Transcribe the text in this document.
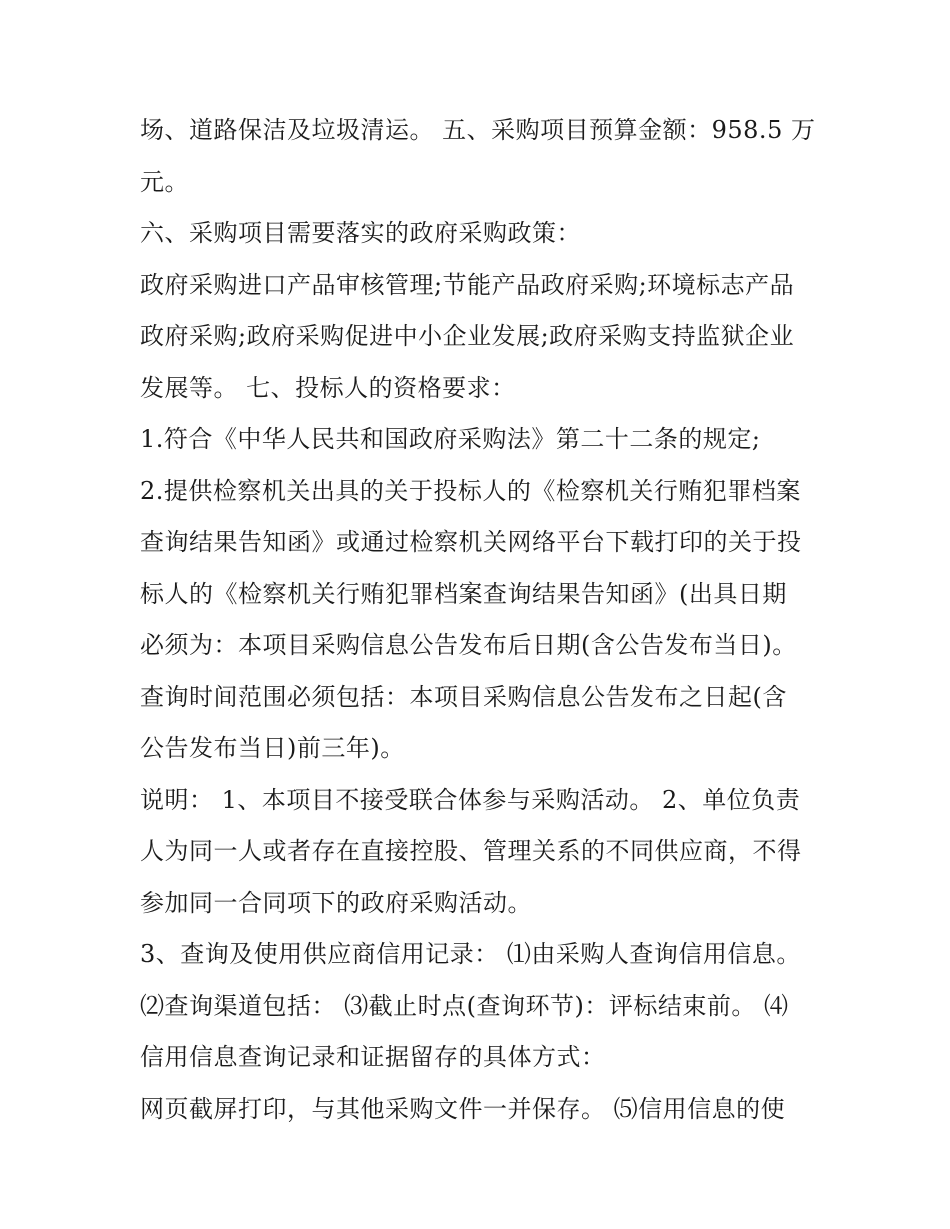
场、道路保洁及垃圾清运。 五、采购项目预算金额：958.5 万
元。
六、采购项目需要落实的政府采购政策：
政府采购进口产品审核管理;节能产品政府采购;环境标志产品
政府采购;政府采购促进中小企业发展;政府采购支持监狱企业
发展等。 七、投标人的资格要求：
1.符合《中华人民共和国政府采购法》第二十二条的规定;
2.提供检察机关出具的关于投标人的《检察机关行贿犯罪档案
查询结果告知函》或通过检察机关网络平台下载打印的关于投
标人的《检察机关行贿犯罪档案查询结果告知函》(出具日期
必须为：本项目采购信息公告发布后日期(含公告发布当日)。
查询时间范围必须包括：本项目采购信息公告发布之日起(含
公告发布当日)前三年)。
说明： 1、本项目不接受联合体参与采购活动。 2、单位负责
人为同一人或者存在直接控股、管理关系的不同供应商，不得
参加同一合同项下的政府采购活动。
3、查询及使用供应商信用记录： ⑴由采购人查询信用信息。
⑵查询渠道包括： ⑶截止时点(查询环节)：评标结束前。 ⑷
信用信息查询记录和证据留存的具体方式：
网页截屏打印，与其他采购文件一并保存。 ⑸信用信息的使
